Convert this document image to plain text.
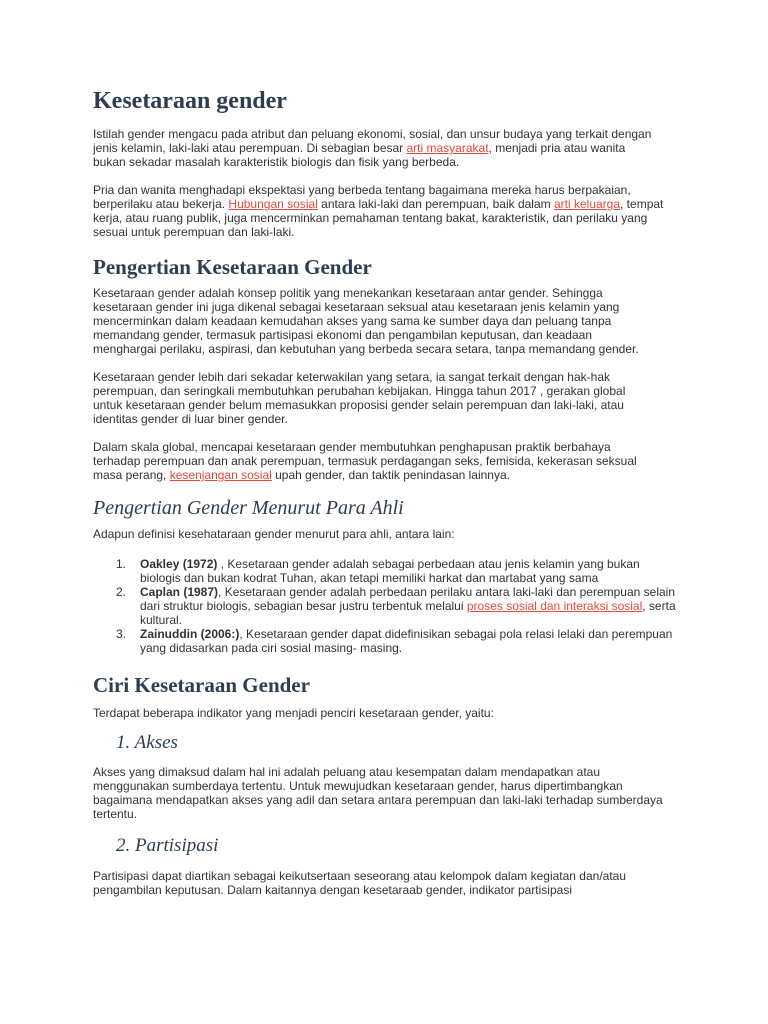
Kesetaraan gender

Istilah gender mengacu pada atribut dan peluang ekonomi, sosial, dan unsur budaya yang terkait dengan jenis kelamin, laki-laki atau perempuan. Di sebagian besar arti masyarakat, menjadi pria atau wanita bukan sekadar masalah karakteristik biologis dan fisik yang berbeda.

Pria dan wanita menghadapi ekspektasi yang berbeda tentang bagaimana mereka harus berpakaian, berperilaku atau bekerja. Hubungan sosial antara laki-laki dan perempuan, baik dalam arti keluarga, tempat kerja, atau ruang publik, juga mencerminkan pemahaman tentang bakat, karakteristik, dan perilaku yang sesuai untuk perempuan dan laki-laki.

Pengertian Kesetaraan Gender

Kesetaraan gender adalah konsep politik yang menekankan kesetaraan antar gender. Sehingga kesetaraan gender ini juga dikenal sebagai kesetaraan seksual atau kesetaraan jenis kelamin yang mencerminkan dalam keadaan kemudahan akses yang sama ke sumber daya dan peluang tanpa memandang gender, termasuk partisipasi ekonomi dan pengambilan keputusan, dan keadaan menghargai perilaku, aspirasi, dan kebutuhan yang berbeda secara setara, tanpa memandang gender.

Kesetaraan gender lebih dari sekadar keterwakilan yang setara, ia sangat terkait dengan hak-hak perempuan, dan seringkali membutuhkan perubahan kebijakan. Hingga tahun 2017 , gerakan global untuk kesetaraan gender belum memasukkan proposisi gender selain perempuan dan laki-laki, atau identitas gender di luar biner gender.

Dalam skala global, mencapai kesetaraan gender membutuhkan penghapusan praktik berbahaya terhadap perempuan dan anak perempuan, termasuk perdagangan seks, femisida, kekerasan seksual masa perang, kesenjangan sosial upah gender, dan taktik penindasan lainnya.

Pengertian Gender Menurut Para Ahli

Adapun definisi kesehataraan gender menurut para ahli, antara lain:

1. Oakley (1972) , Kesetaraan gender adalah sebagai perbedaan atau jenis kelamin yang bukan biologis dan bukan kodrat Tuhan, akan tetapi memiliki harkat dan martabat yang sama
2. Caplan (1987), Kesetaraan gender adalah perbedaan perilaku antara laki-laki dan perempuan selain dari struktur biologis, sebagian besar justru terbentuk melalui proses sosial dan interaksi sosial, serta kultural.
3. Zainuddin (2006:), Kesetaraan gender dapat didefinisikan sebagai pola relasi lelaki dan perempuan yang didasarkan pada ciri sosial masing- masing.
Ciri Kesetaraan Gender

Terdapat beberapa indikator yang menjadi penciri kesetaraan gender, yaitu:

1. Akses

Akses yang dimaksud dalam hal ini adalah peluang atau kesempatan dalam mendapatkan atau menggunakan sumberdaya tertentu. Untuk mewujudkan kesetaraan gender, harus dipertimbangkan bagaimana mendapatkan akses yang adil dan setara antara perempuan dan laki-laki terhadap sumberdaya tertentu.

2. Partisipasi

Partisipasi dapat diartikan sebagai keikutsertaan seseorang atau kelompok dalam kegiatan dan/atau pengambilan keputusan. Dalam kaitannya dengan kesetaraab gender, indikator partisipasi
